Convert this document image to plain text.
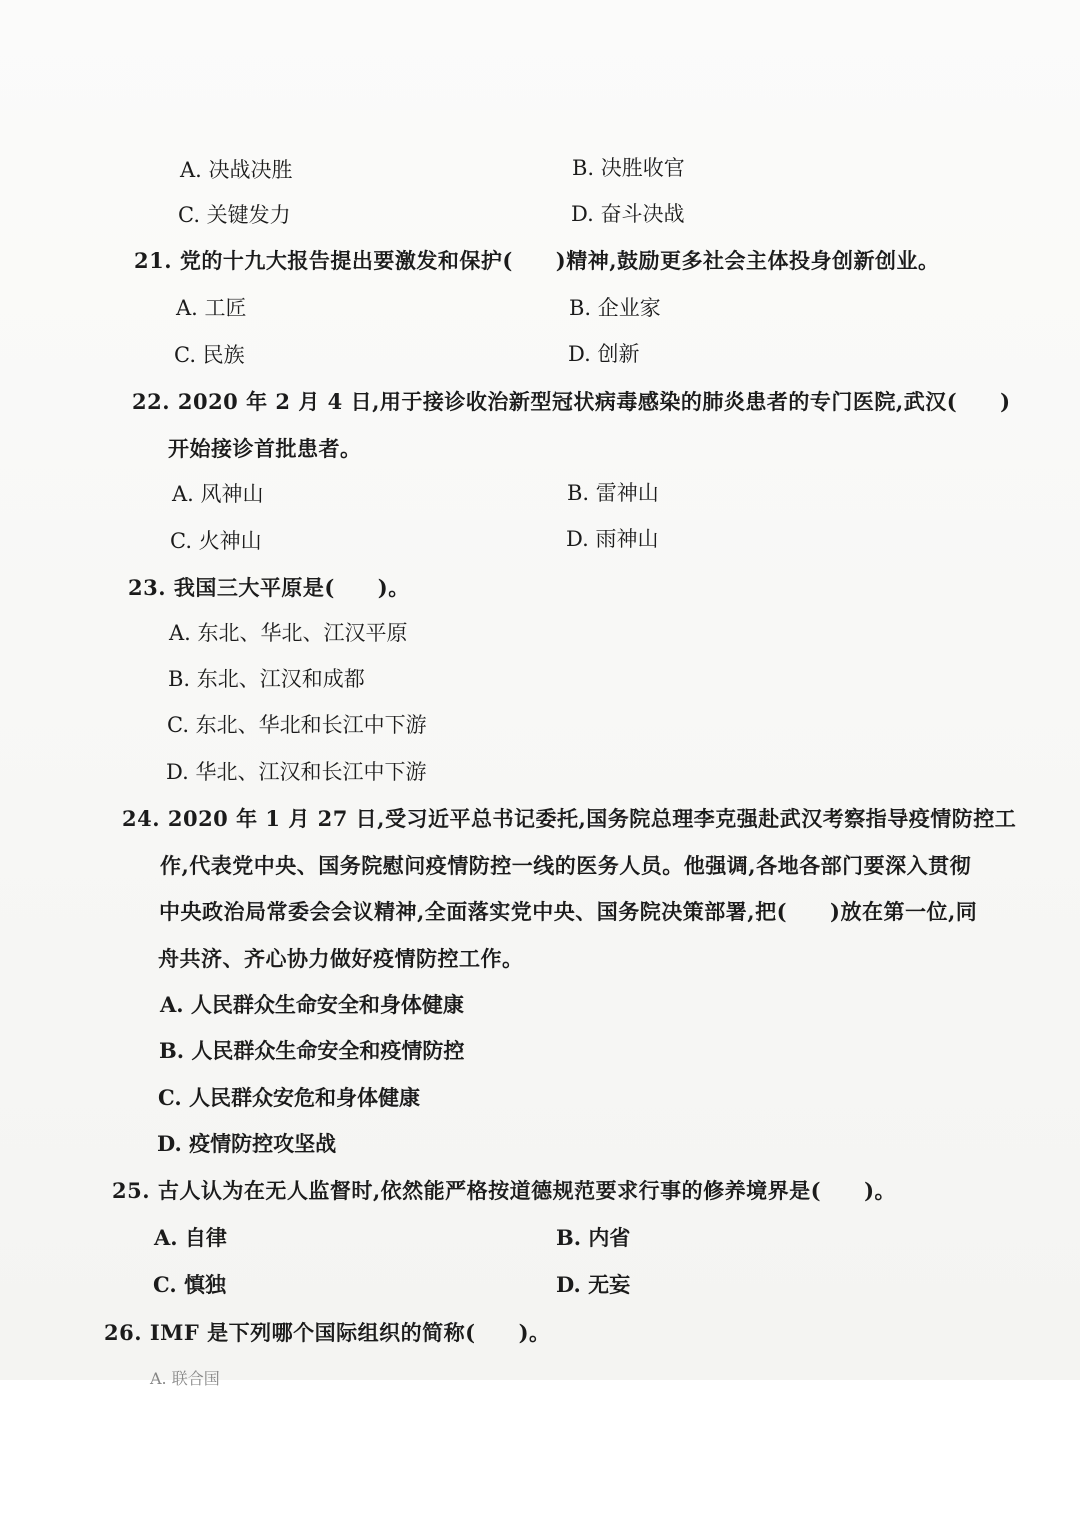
A. 决战决胜	B. 决胜收官
C. 关键发力	D. 奋斗决战
21. 党的十九大报告提出要激发和保护(　　)精神,鼓励更多社会主体投身创新创业。
A. 工匠	B. 企业家
C. 民族	D. 创新
22. 2020 年 2 月 4 日,用于接诊收治新型冠状病毒感染的肺炎患者的专门医院,武汉(　　)
开始接诊首批患者。
A. 风神山	B. 雷神山
C. 火神山	D. 雨神山
23. 我国三大平原是(　　)。
A. 东北、华北、江汉平原
B. 东北、江汉和成都
C. 东北、华北和长江中下游
D. 华北、江汉和长江中下游
24. 2020 年 1 月 27 日,受习近平总书记委托,国务院总理李克强赴武汉考察指导疫情防控工
作,代表党中央、国务院慰问疫情防控一线的医务人员。他强调,各地各部门要深入贯彻
中央政治局常委会会议精神,全面落实党中央、国务院决策部署,把(　　)放在第一位,同
舟共济、齐心协力做好疫情防控工作。
A. 人民群众生命安全和身体健康
B. 人民群众生命安全和疫情防控
C. 人民群众安危和身体健康
D. 疫情防控攻坚战
25. 古人认为在无人监督时,依然能严格按道德规范要求行事的修养境界是(　　)。
A. 自律	B. 内省
C. 慎独	D. 无妄
26. IMF 是下列哪个国际组织的简称(　　)。
A. 联合国
